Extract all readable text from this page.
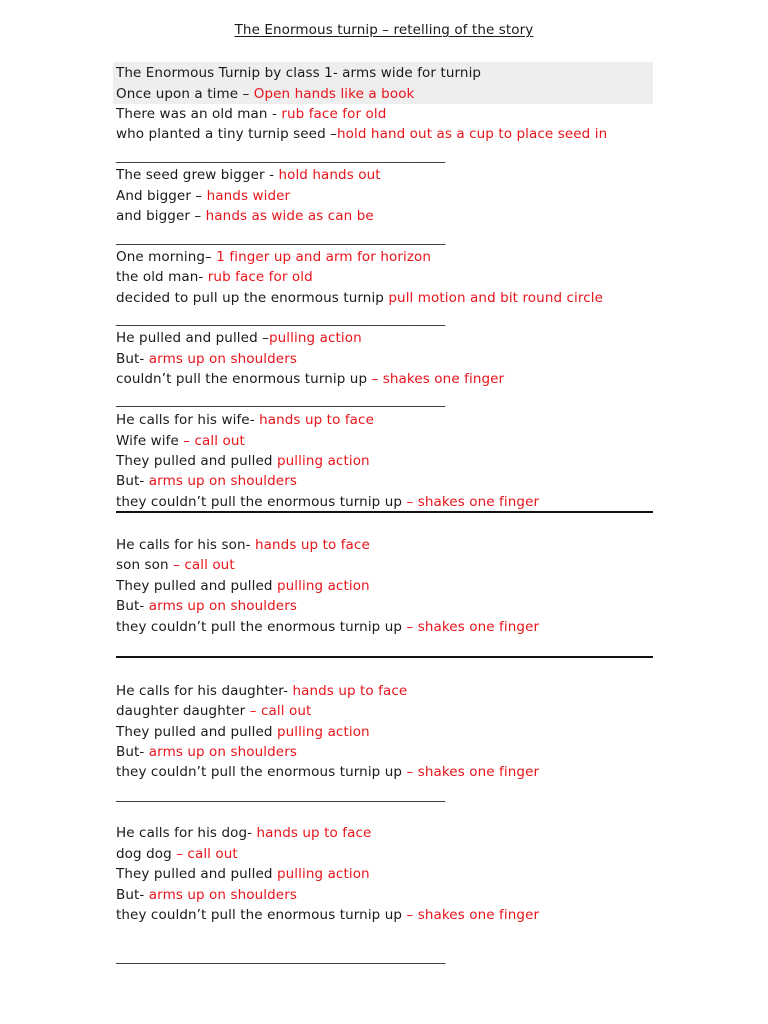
The Enormous turnip – retelling of the story
The Enormous Turnip by class 1- arms wide for turnip
Once upon a time – Open hands like a book
There was an old man - rub face for old
who planted a tiny turnip seed –hold hand out as a cup to place seed in
___________________________________________________
The seed grew bigger - hold hands out
And bigger – hands wider
and bigger – hands as wide as can be
___________________________________________________
One morning– 1 finger up and arm for horizon
the old man- rub face for old
decided to pull up the enormous turnip pull motion and bit round circle
___________________________________________________
He pulled and pulled –pulling action
But- arms up on shoulders
couldn’t pull the enormous turnip up – shakes one finger
___________________________________________________
He calls for his wife- hands up to face
Wife wife – call out
They pulled and pulled pulling action
But- arms up on shoulders
they couldn’t pull the enormous turnip up – shakes one finger
He calls for his son- hands up to face
son son – call out
They pulled and pulled pulling action
But- arms up on shoulders
they couldn’t pull the enormous turnip up – shakes one finger
He calls for his daughter- hands up to face
daughter daughter – call out
They pulled and pulled pulling action
But- arms up on shoulders
they couldn’t pull the enormous turnip up – shakes one finger
___________________________________________________
He calls for his dog- hands up to face
dog dog – call out
They pulled and pulled pulling action
But- arms up on shoulders
they couldn’t pull the enormous turnip up – shakes one finger
___________________________________________________
